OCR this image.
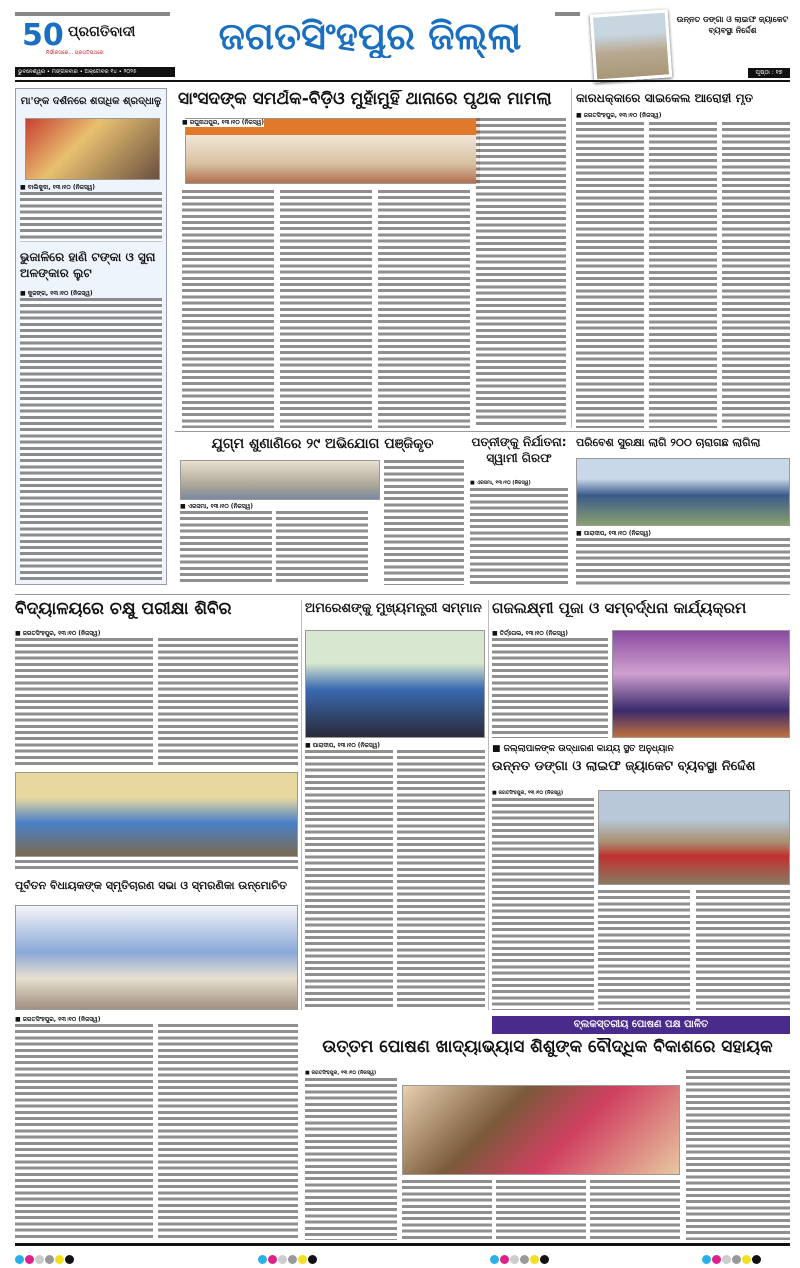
50 ପ୍ରଗତିବାଦୀ
ନିର୍ଭୀକତାରେ... ପ୍ରଗତିପଥରେ	ଜଗତସିଂହପୁର ଜିଲ୍ଲା
ଭୁବନେଶ୍ୱର • ମଙ୍ଗଳବାର • ଅକ୍ଟୋବର ୧୪ • ୨୦୨୫
ଉନ୍ନତ ଡଙ୍ଗା ଓ ଲାଇଫ ଜ୍ୟାକେଟ ବ୍ୟବସ୍ଥା ନିର୍ଦ୍ଦେଶ
ପୃଷ୍ଠା : ୧୭
ମା'ଙ୍କ ଦର୍ଶନରେ ଶତାଧିକ ଶ୍ରଦ୍ଧାଳୁ
■ ବାଲିକୁଦା, ୧୩।୧୦ (ନିଜସ୍ୱ)
ଭୁଜାଳିରେ ହାଣି ଟଙ୍କା ଓ ସୁନା ଅଳଙ୍କାର ଲୁଟ
■ କୁଜଙ୍ଗ, ୧୩।୧୦ (ନିଜସ୍ୱ)
ସାଂସଦଙ୍କ ସମର୍ଥକ-ବିଡ଼ିଓ ମୁହାଁମୁହିଁ ଥାନାରେ ପୃଥକ ମାମଲା
■ ରଘୁନାଥପୁର, ୧୩।୧୦ (ନିଜସ୍ୱ)
କାରଧକ୍କାରେ ସାଇକେଲ ଆରୋହୀ ମୃତ
■ ଜଗତସିଂହପୁର, ୧୩।୧୦ (ନିଜସ୍ୱ)
ଯୁଗ୍ମ ଶୁଣାଣିରେ ୨୯ ଅଭିଯୋଗ ପଞ୍ଜିକୃତ
■ ଏରସମା, ୧୩।୧୦ (ନିଜସ୍ୱ)
ପତ୍ନୀଙ୍କୁ ନିର୍ଯାତନା: ସ୍ୱାମୀ ଗିରଫ
■ ଏରସମା, ୧୩।୧୦ (ନିଜସ୍ୱ)
ପରିବେଶ ସୁରକ୍ଷା ଲାଗି ୨୦୦ ଚାରାଗଛ ଲାଗିଲା
■ ପାରାଦୀପ, ୧୩।୧୦ (ନିଜସ୍ୱ)
ବିଦ୍ୟାଳୟରେ ଚକ୍ଷୁ ପରୀକ୍ଷା ଶିବିର	ଅମରେଶଙ୍କୁ ମୁଖ୍ୟମନ୍ତ୍ରୀ ସମ୍ମାନ ଗଜଲକ୍ଷ୍ମୀ ପୂଜା ଓ ସମ୍ବର୍ଦ୍ଧନା କାର୍ଯ୍ୟକ୍ରମ
■ ଜଗତସିଂହପୁର, ୧୩।୧୦ (ନିଜସ୍ୱ)
ପୂର୍ବତନ ବିଧାୟକଙ୍କ ସ୍ମୃତିଚାରଣ ସଭା ଓ ସ୍ମରଣିକା ଉନ୍ମୋଚିତ
■ ପାରାଦୀପ, ୧୩।୧୦ (ନିଜସ୍ୱ)
■ ତିର୍ତ୍ତୋଲ, ୧୩।୧୦ (ନିଜସ୍ୱ)
■ ଜିଲ୍ଲାପାଳଙ୍କ ଉଦ୍ଧାରଣ କାର୍ଯ୍ୟ ସ୍ଥିତି ଅନୁଧ୍ୟାନ
ଉନ୍ନତ ଡଙ୍ଗା ଓ ଲାଇଫ ଜ୍ୟାକେଟ ବ୍ୟବସ୍ଥା ନିର୍ଦ୍ଦେଶ
■ ଜଗତସିଂହପୁର, ୧୩।୧୦ (ନିଜସ୍ୱ)
■ ଜଗତସିଂହପୁର, ୧୩।୧୦ (ନିଜସ୍ୱ)	ବ୍ଲକସ୍ତରୀୟ ପୋଷଣ ପକ୍ଷ ପାଳିତ
ଉତ୍ତମ ପୋଷଣ ଖାଦ୍ୟାଭ୍ୟାସ ଶିଶୁଙ୍କ ବୌଦ୍ଧିକ ବିକାଶରେ ସହାୟକ
■ ଜଗତସିଂହପୁର, ୧୩।୧୦ (ନିଜସ୍ୱ)
